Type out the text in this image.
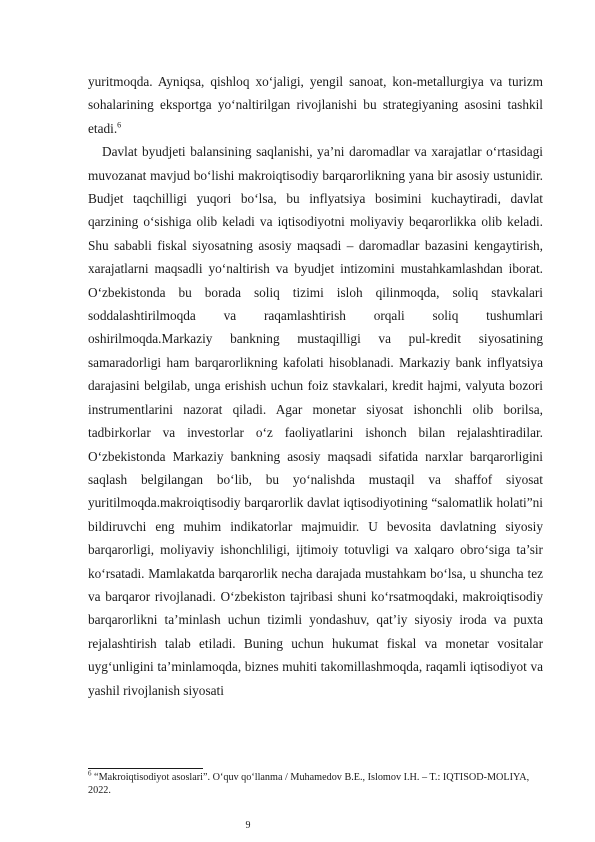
yuritmoqda. Ayniqsa, qishloq xo‘jaligi, yengil sanoat, kon-metallurgiya va turizm sohalarining eksportga yo‘naltirilgan rivojlanishi bu strategiyaning asosini tashkil etadi.$^6$

Davlat byudjeti balansining saqlanishi, ya’ni daromadlar va xarajatlar o‘rtasidagi muvozanat mavjud bo‘lishi makroiqtisodiy barqarorlikning yana bir asosiy ustunidir. Budjet taqchilligi yuqori bo‘lsa, bu inflyatsiya bosimini kuchaytiradi, davlat qarzining o‘sishiga olib keladi va iqtisodiyotni moliyaviy beqarorlikka olib keladi. Shu sababli fiskal siyosatning asosiy maqsadi – daromadlar bazasini kengaytirish, xarajatlarni maqsadli yo‘naltirish va byudjet intizomini mustahkamlashdan iborat. O‘zbekistonda bu borada soliq tizimi isloh qilinmoqda, soliq stavkalari soddalashtirilmoqda va raqamlashtirish orqali soliq tushumlari oshirilmoqda.Markaziy bankning mustaqilligi va pul-kredit siyosatining samaradorligi ham barqarorlikning kafolati hisoblanadi. Markaziy bank inflyatsiya darajasini belgilab, unga erishish uchun foiz stavkalari, kredit hajmi, valyuta bozori instrumentlarini nazorat qiladi. Agar monetar siyosat ishonchli olib borilsa, tadbirkorlar va investorlar o‘z faoliyatlarini ishonch bilan rejalashtiradilar. O‘zbekistonda Markaziy bankning asosiy maqsadi sifatida narxlar barqarorligini saqlash belgilangan bo‘lib, bu yo‘nalishda mustaqil va shaffof siyosat yuritilmoqda.makroiqtisodiy barqarorlik davlat iqtisodiyotining “salomatlik holati”ni bildiruvchi eng muhim indikatorlar majmuidir. U bevosita davlatning siyosiy barqarorligi, moliyaviy ishonchliligi, ijtimoiy totuvligi va xalqaro obro‘siga ta’sir ko‘rsatadi. Mamlakatda barqarorlik necha darajada mustahkam bo‘lsa, u shuncha tez va barqaror rivojlanadi. O‘zbekiston tajribasi shuni ko‘rsatmoqdaki, makroiqtisodiy barqarorlikni ta’minlash uchun tizimli yondashuv, qat’iy siyosiy iroda va puxta rejalashtirish talab etiladi. Buning uchun hukumat fiskal va monetar vositalar uyg‘unligini ta’minlamoqda, biznes muhiti takomillashmoqda, raqamli iqtisodiyot va yashil rivojlanish siyosati

$^6$ “Makroiqtisodiyot asoslari”. O‘quv qo‘llanma / Muhamedov B.E., Islomov I.H. – T.: IQTISOD-MOLIYA, 2022.

9
